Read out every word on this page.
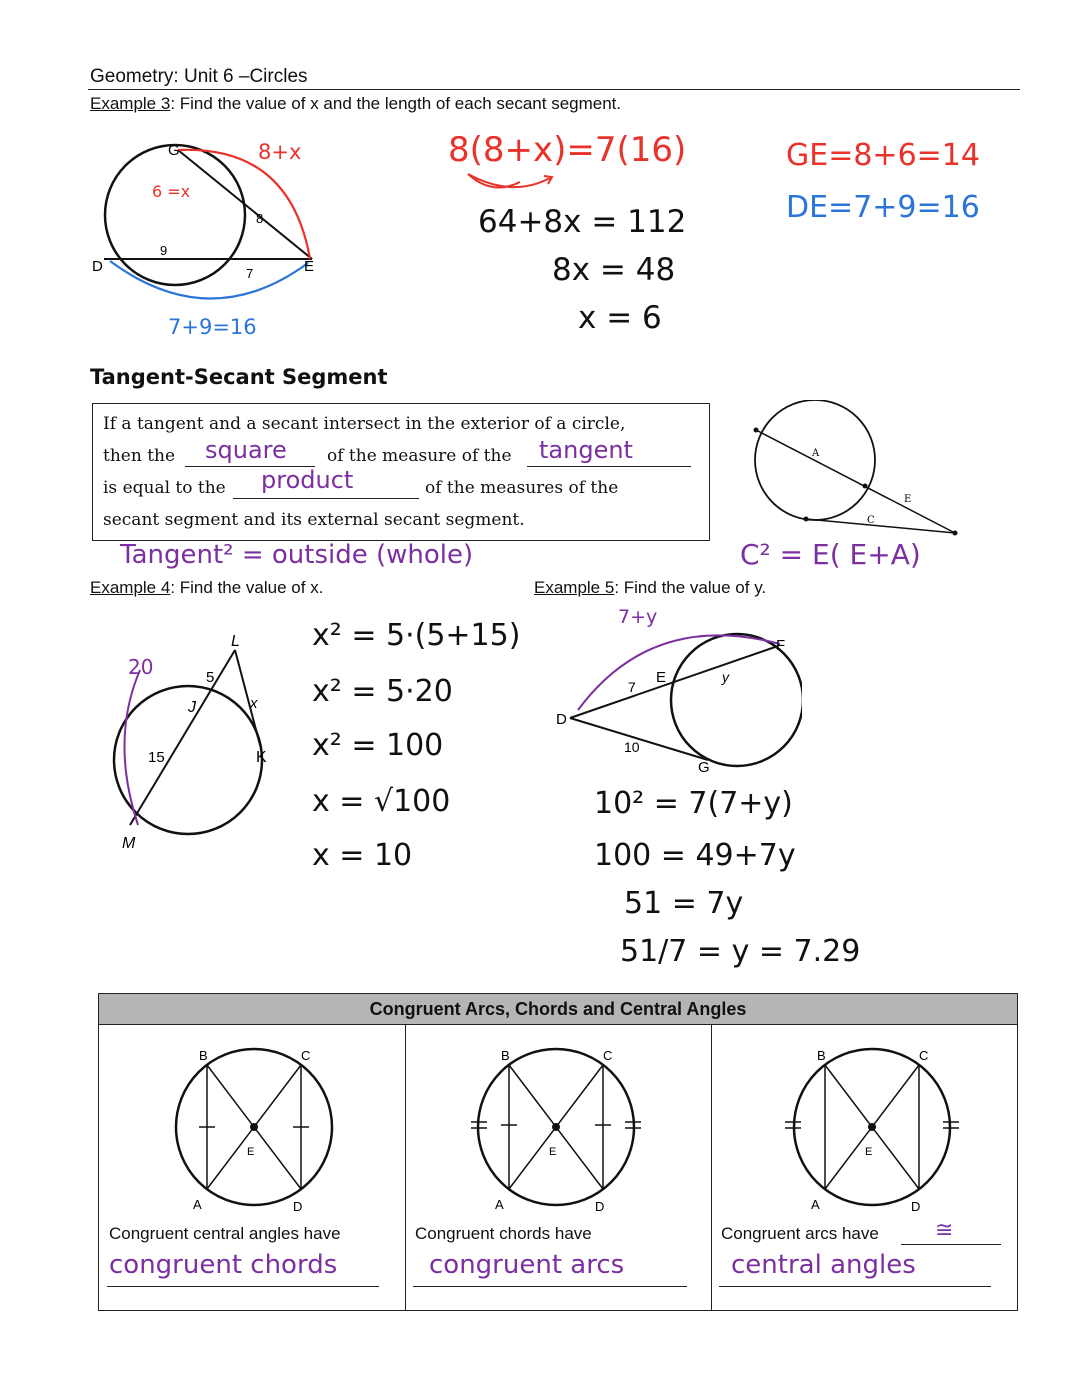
Geometry: Unit 6 –Circles
Example 3: Find the value of x and the length of each secant segment.
G
D	E
6 =x
8
9
7
8+x
7+9=16
8(8+x)=7(16)
64+8x = 112
8x = 48
x = 6
GE=8+6=14
DE=7+9=16
Tangent-Secant Segment
If a tangent and a secant intersect in the exterior of a circle,
then the square of the measure of the tangent
is equal to the product	of the measures of the
secant segment and its external secant segment.
Tangent² = outside (whole)
A
E
C
C² = E( E+A)
Example 4: Find the value of x.
L
J
K
M
5
x
15
20
x² = 5·(5+15)
x² = 5·20
x² = 100
x = √100
x = 10
Example 5: Find the value of y.
7+y
D
E
F
G
7
y
10
10² = 7(7+y)
100 = 49+7y
51 = 7y
51/7 = y = 7.29
Congruent Arcs, Chords and Central Angles
B	C
E
A	D
Congruent central angles have
congruent chords
B	C
E
A	D
Congruent chords have
congruent arcs
B	C
E
A	D
Congruent arcs have	≅
central angles
